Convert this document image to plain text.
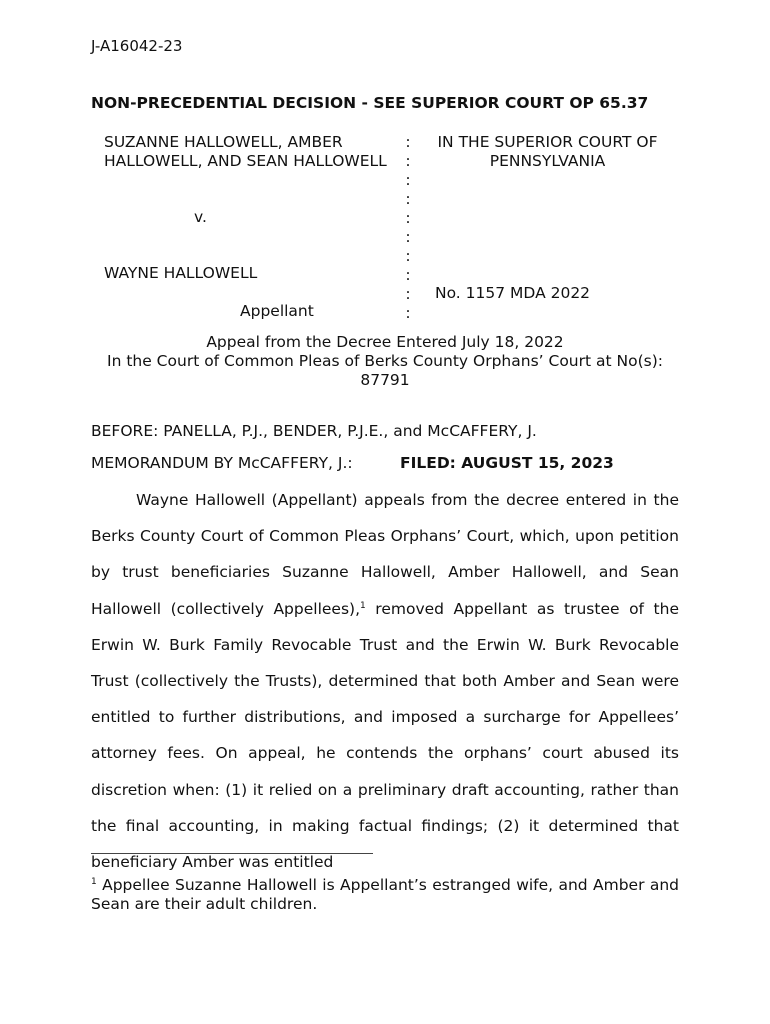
J-A16042-23
NON-PRECEDENTIAL DECISION - SEE SUPERIOR COURT OP 65.37
SUZANNE HALLOWELL, AMBER
HALLOWELL, AND SEAN HALLOWELL
v.
WAYNE HALLOWELL
Appellant
:
:
:
:
:
:
:
:
:
:
IN THE SUPERIOR COURT OF
PENNSYLVANIA
No. 1157 MDA 2022
Appeal from the Decree Entered July 18, 2022
In the Court of Common Pleas of Berks County Orphans’ Court at No(s):
87791
BEFORE: PANELLA, P.J., BENDER, P.J.E., and McCAFFERY, J.
MEMORANDUM BY McCAFFERY, J.:	FILED: AUGUST 15, 2023
Wayne Hallowell (Appellant) appeals from the decree entered in the Berks County Court of Common Pleas Orphans’ Court, which, upon petition by trust beneficiaries Suzanne Hallowell, Amber Hallowell, and Sean Hallowell (collectively Appellees),$^1$ removed Appellant as trustee of the Erwin W. Burk Family Revocable Trust and the Erwin W. Burk Revocable Trust (collectively the Trusts), determined that both Amber and Sean were entitled to further distributions, and imposed a surcharge for Appellees’ attorney fees. On appeal, he contends the orphans’ court abused its discretion when: (1) it relied on a preliminary draft accounting, rather than the final accounting, in making factual findings; (2) it determined that beneficiary Amber was entitled
$^1$ Appellee Suzanne Hallowell is Appellant’s estranged wife, and Amber and Sean are their adult children.
